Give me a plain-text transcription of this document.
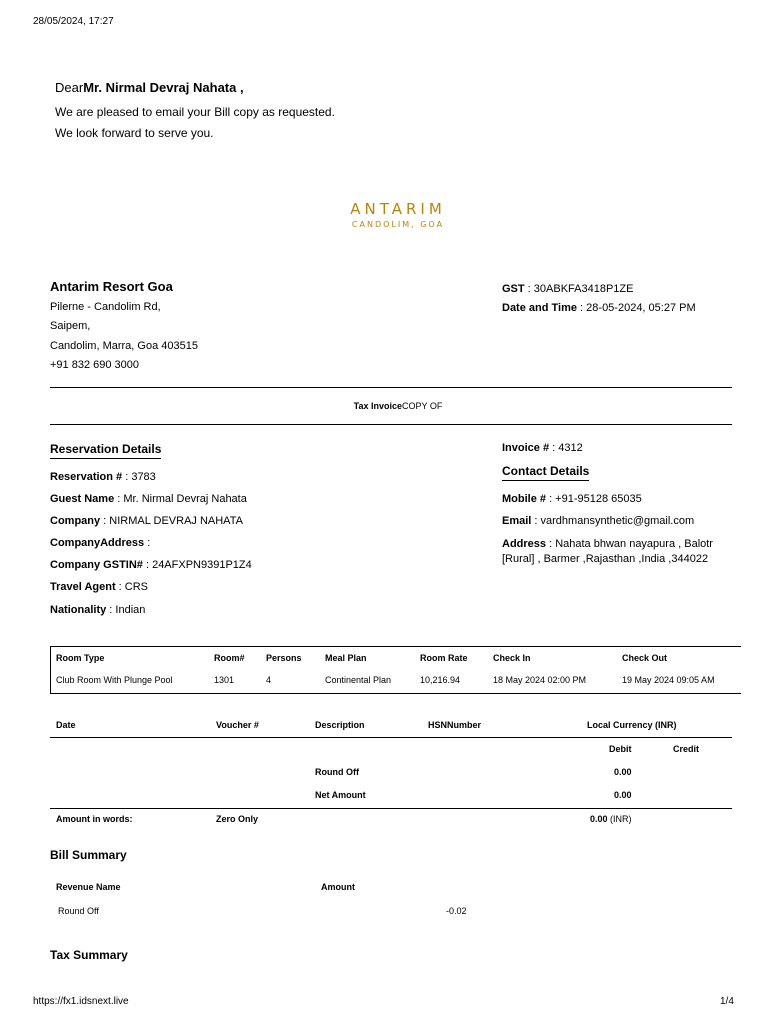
28/05/2024, 17:27
DearMr. Nirmal Devraj Nahata ,
We are pleased to email your Bill copy as requested.
We look forward to serve you.
ANTARIM
CANDOLIM, GOA
Antarim Resort Goa
Pilerne - Candolim Rd,
Saipem,
Candolim, Marra, Goa 403515
+91 832 690 3000
GST : 30ABKFA3418P1ZE
Date and Time : 28-05-2024, 05:27 PM
Tax InvoiceCOPY OF
Reservation Details
Reservation # : 3783
Guest Name : Mr. Nirmal Devraj Nahata
Company : NIRMAL DEVRAJ NAHATA
CompanyAddress :
Company GSTIN# : 24AFXPN9391P1Z4
Travel Agent : CRS
Nationality : Indian
Invoice # : 4312
Contact Details
Mobile # : +91-95128 65035
Email : vardhmansynthetic@gmail.com
Address : Nahata bhwan nayapura , Balotr [Rural] , Barmer ,Rajasthan ,India ,344022
Room Type	Room# Persons	Meal Plan	Room Rate	Check In	Check Out
Club Room With Plunge Pool	1301	4	Continental Plan	10,216.94	18 May 2024 02:00 PM	19 May 2024 09:05 AM
Date	Voucher #	Description	HSNNumber	Local Currency (INR)
Debit	Credit
Round Off	0.00
Net Amount	0.00
Amount in words:	Zero Only	0.00 (INR)
Bill Summary
Revenue Name	Amount
Round Off	-0.02
Tax Summary
https://fx1.idsnext.live	1/4
